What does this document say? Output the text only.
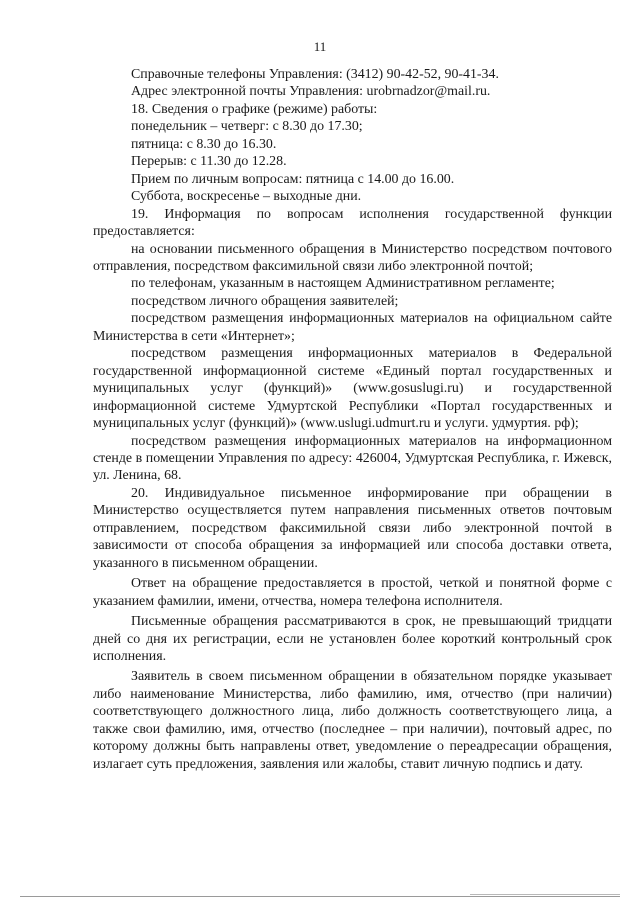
11

Справочные телефоны Управления: (3412) 90-42-52, 90-41-34.

Адрес электронной почты Управления: urobrnadzor@mail.ru.

18. Сведения о графике (режиме) работы:

понедельник – четверг: с 8.30 до 17.30;

пятница: с 8.30 до 16.30.

Перерыв: с 11.30 до 12.28.

Прием по личным вопросам: пятница с 14.00 до 16.00.

Суббота, воскресенье – выходные дни.

19. Информация по вопросам исполнения государственной функции предоставляется:

на основании письменного обращения в Министерство посредством почтового отправления, посредством факсимильной связи либо электронной почтой;

по телефонам, указанным в настоящем Административном регламенте;

посредством личного обращения заявителей;

посредством размещения информационных материалов на официальном сайте Министерства в сети «Интернет»;

посредством размещения информационных материалов в Федеральной государственной информационной системе «Единый портал государственных и муниципальных услуг (функций)» (www.gosuslugi.ru) и государственной информационной системе Удмуртской Республики «Портал государственных и муниципальных услуг (функций)» (www.uslugi.udmurt.ru и услуги. удмуртия. рф);

посредством размещения информационных материалов на информационном стенде в помещении Управления по адресу: 426004, Удмуртская Республика, г. Ижевск, ул. Ленина, 68.

20. Индивидуальное письменное информирование при обращении в Министерство осуществляется путем направления письменных ответов почтовым отправлением, посредством факсимильной связи либо электронной почтой в зависимости от способа обращения за информацией или способа доставки ответа, указанного в письменном обращении.

Ответ на обращение предоставляется в простой, четкой и понятной форме с указанием фамилии, имени, отчества, номера телефона исполнителя.

Письменные обращения рассматриваются в срок, не превышающий тридцати дней со дня их регистрации, если не установлен более короткий контрольный срок исполнения.

Заявитель в своем письменном обращении в обязательном порядке указывает либо наименование Министерства, либо фамилию, имя, отчество (при наличии) соответствующего должностного лица, либо должность соответствующего лица, а также свои фамилию, имя, отчество (последнее – при наличии), почтовый адрес, по которому должны быть направлены ответ, уведомление о переадресации обращения, излагает суть предложения, заявления или жалобы, ставит личную подпись и дату.
